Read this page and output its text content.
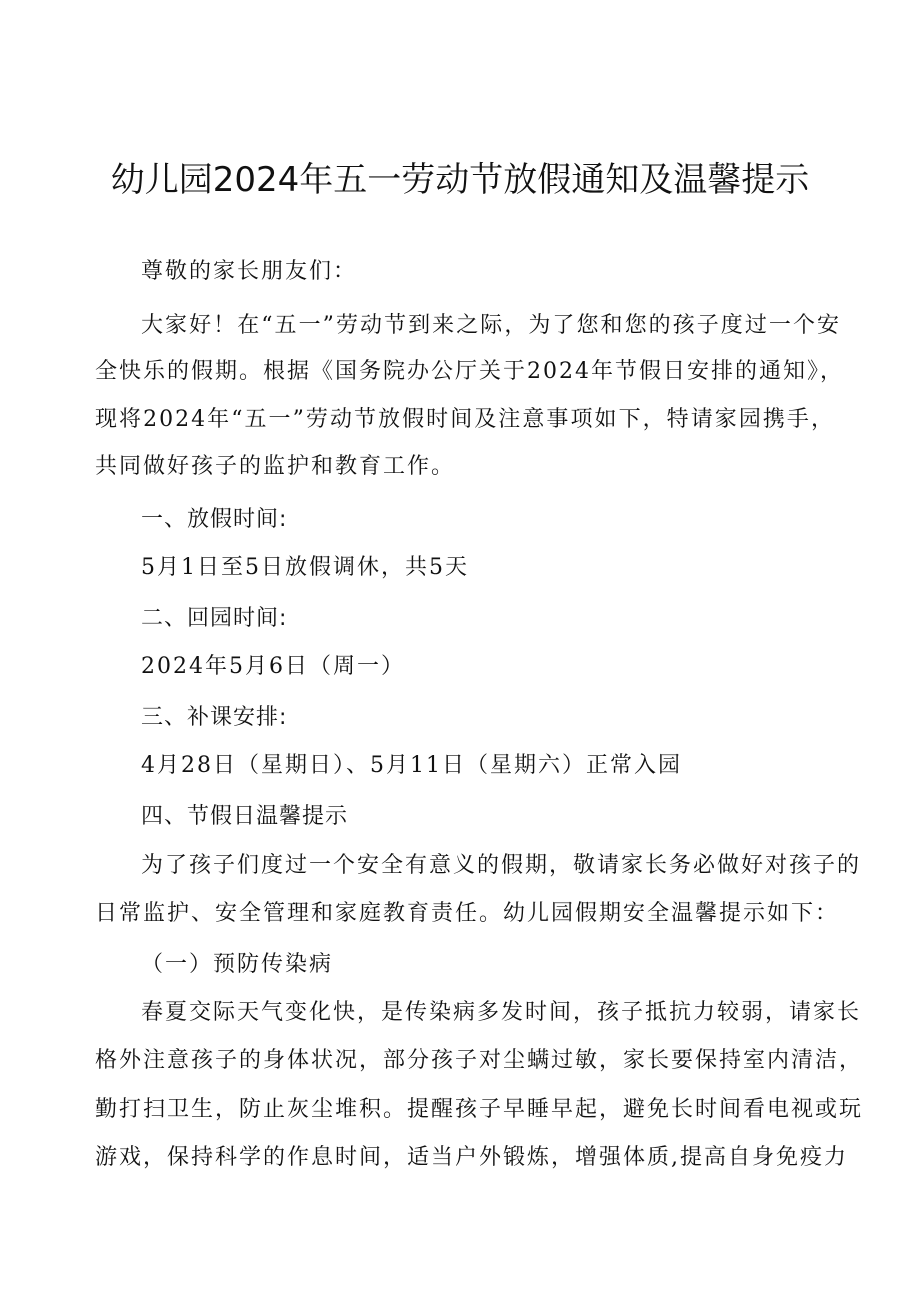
幼儿园2024年五一劳动节放假通知及温馨提示

尊敬的家长朋友们：

大家好！在“五一”劳动节到来之际，为了您和您的孩子度过一个安

全快乐的假期。根据《国务院办公厅关于2024年节假日安排的通知》，

现将2024年“五一”劳动节放假时间及注意事项如下，特请家园携手，

共同做好孩子的监护和教育工作。

一、放假时间:

5月1日至5日放假调休，共5天

二、回园时间:

2024年5月6日（周一）

三、补课安排:

4月28日（星期日）、5月11日（星期六）正常入园

四、节假日温馨提示

为了孩子们度过一个安全有意义的假期，敬请家长务必做好对孩子的

日常监护、安全管理和家庭教育责任。幼儿园假期安全温馨提示如下：

（一）预防传染病

春夏交际天气变化快，是传染病多发时间，孩子抵抗力较弱，请家长

格外注意孩子的身体状况，部分孩子对尘螨过敏，家长要保持室内清洁，

勤打扫卫生，防止灰尘堆积。提醒孩子早睡早起，避免长时间看电视或玩

游戏，保持科学的作息时间，适当户外锻炼，增强体质,提高自身免疫力
